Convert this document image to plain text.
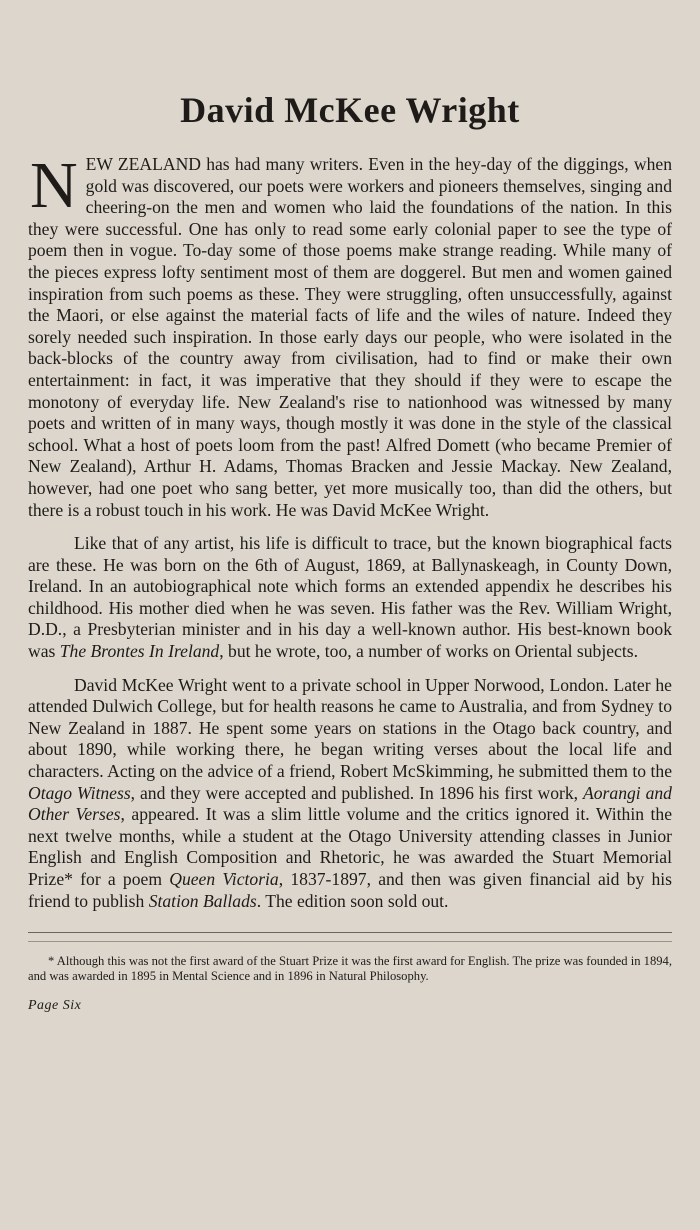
David McKee Wright

NEW ZEALAND has had many writers. Even in the hey-day of the diggings, when gold was discovered, our poets were workers and pioneers themselves, singing and cheering-on the men and women who laid the foundations of the nation. In this they were successful. One has only to read some early colonial paper to see the type of poem then in vogue. To-day some of those poems make strange reading. While many of the pieces express lofty sentiment most of them are doggerel. But men and women gained inspiration from such poems as these. They were struggling, often unsuccessfully, against the Maori, or else against the material facts of life and the wiles of nature. Indeed they sorely needed such inspiration. In those early days our people, who were isolated in the back-blocks of the country away from civilisation, had to find or make their own entertainment: in fact, it was imperative that they should if they were to escape the monotony of everyday life. New Zealand's rise to nationhood was witnessed by many poets and written of in many ways, though mostly it was done in the style of the classical school. What a host of poets loom from the past! Alfred Domett (who became Premier of New Zealand), Arthur H. Adams, Thomas Bracken and Jessie Mackay. New Zealand, however, had one poet who sang better, yet more musically too, than did the others, but there is a robust touch in his work. He was David McKee Wright.

Like that of any artist, his life is difficult to trace, but the known biographical facts are these. He was born on the 6th of August, 1869, at Ballynaskeagh, in County Down, Ireland. In an autobiographical note which forms an extended appendix he describes his childhood. His mother died when he was seven. His father was the Rev. William Wright, D.D., a Presbyterian minister and in his day a well-known author. His best-known book was The Brontes In Ireland, but he wrote, too, a number of works on Oriental subjects.

David McKee Wright went to a private school in Upper Norwood, London. Later he attended Dulwich College, but for health reasons he came to Australia, and from Sydney to New Zealand in 1887. He spent some years on stations in the Otago back country, and about 1890, while working there, he began writing verses about the local life and characters. Acting on the advice of a friend, Robert McSkimming, he submitted them to the Otago Witness, and they were accepted and published. In 1896 his first work, Aorangi and Other Verses, appeared. It was a slim little volume and the critics ignored it. Within the next twelve months, while a student at the Otago University attending classes in Junior English and English Composition and Rhetoric, he was awarded the Stuart Memorial Prize* for a poem Queen Victoria, 1837-1897, and then was given financial aid by his friend to publish Station Ballads. The edition soon sold out.

* Although this was not the first award of the Stuart Prize it was the first award for English. The prize was founded in 1894, and was awarded in 1895 in Mental Science and in 1896 in Natural Philosophy.

Page Six
